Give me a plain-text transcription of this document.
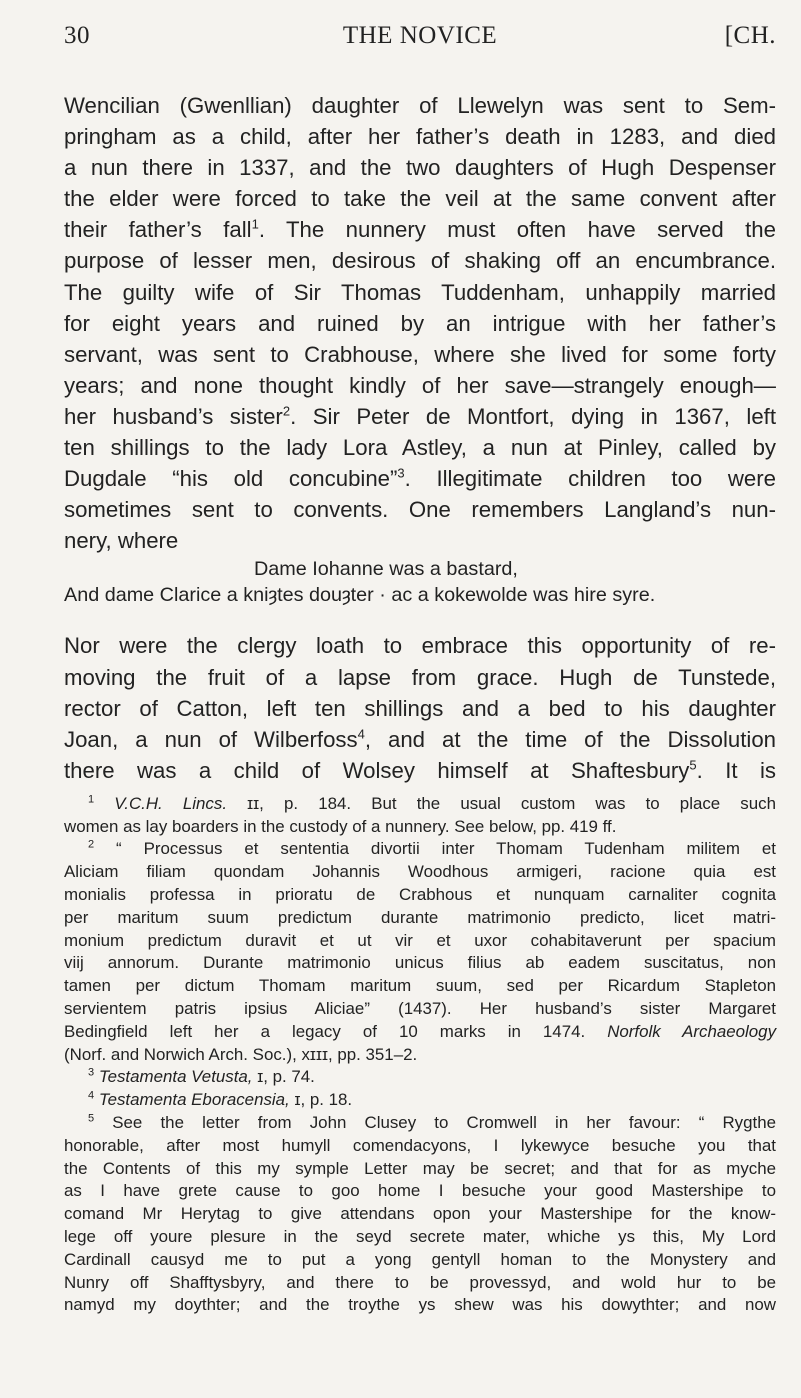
30	THE NOVICE	[CH.

Wencilian (Gwenllian) daughter of Llewelyn was sent to Sem-
pringham as a child, after her father’s death in 1283, and died
a nun there in 1337, and the two daughters of Hugh Despenser
the elder were forced to take the veil at the same convent after
their father’s fall$^1$. The nunnery must often have served the
purpose of lesser men, desirous of shaking off an encumbrance.
The guilty wife of Sir Thomas Tuddenham, unhappily married
for eight years and ruined by an intrigue with her father’s
servant, was sent to Crabhouse, where she lived for some forty
years; and none thought kindly of her save—strangely enough—
her husband’s sister$^2$. Sir Peter de Montfort, dying in 1367, left
ten shillings to the lady Lora Astley, a nun at Pinley, called by
Dugdale “his old concubine”$^3$. Illegitimate children too were
sometimes sent to convents. One remembers Langland’s nun-
nery, where

Dame Iohanne was a bastard,
And dame Clarice a kniȝtes douȝter · ac a kokewolde was hire syre.

Nor were the clergy loath to embrace this opportunity of re-
moving the fruit of a lapse from grace. Hugh de Tunstede,
rector of Catton, left ten shillings and a bed to his daughter
Joan, a nun of Wilberfoss$^4$, and at the time of the Dissolution
there was a child of Wolsey himself at Shaftesbury$^5$. It is

$^1$ V.C.H. Lincs. ɪɪ, p. 184. But the usual custom was to place such
women as lay boarders in the custody of a nunnery. See below, pp. 419 ff.
$^2$ “ Processus et sententia divortii inter Thomam Tudenham militem et
Aliciam filiam quondam Johannis Woodhous armigeri, racione quia est
monialis professa in prioratu de Crabhous et nunquam carnaliter cognita
per maritum suum predictum durante matrimonio predicto, licet matri-
monium predictum duravit et ut vir et uxor cohabitaverunt per spacium
viij annorum. Durante matrimonio unicus filius ab eadem suscitatus, non
tamen per dictum Thomam maritum suum, sed per Ricardum Stapleton
servientem patris ipsius Aliciae” (1437). Her husband’s sister Margaret
Bedingfield left her a legacy of 10 marks in 1474. Norfolk Archaeology
(Norf. and Norwich Arch. Soc.), xɪɪɪ, pp. 351–2.
$^3$ Testamenta Vetusta, ɪ, p. 74.
$^4$ Testamenta Eboracensia, ɪ, p. 18.
$^5$ See the letter from John Clusey to Cromwell in her favour: “ Rygthe
honorable, after most humyll comendacyons, I lykewyce besuche you that
the Contents of this my symple Letter may be secret; and that for as myche
as I have grete cause to goo home I besuche your good Mastershipe to
comand Mr Herytag to give attendans opon your Mastershipe for the know-
lege off youre plesure in the seyd secrete mater, whiche ys this, My Lord
Cardinall causyd me to put a yong gentyll homan to the Monystery and
Nunry off Shafftysbyry, and there to be provessyd, and wold hur to be
namyd my doythter; and the troythe ys shew was his dowythter; and now
